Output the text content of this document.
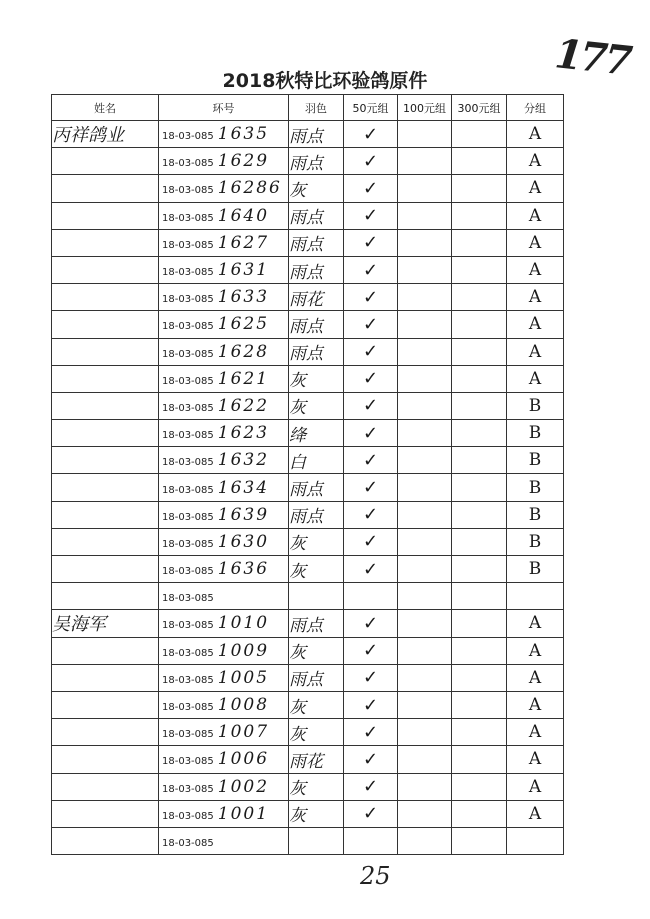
177
2018秋特比环验鸽原件
姓名	环号	羽色	50元组	100元组	300元组	分组
丙祥鸽业	18-03-085 1635	雨点	✓			A
	18-03-085 1629	雨点	✓			A
	18-03-085 16286	灰	✓			A
	18-03-085 1640	雨点	✓			A
	18-03-085 1627	雨点	✓			A
	18-03-085 1631	雨点	✓			A
	18-03-085 1633	雨花	✓			A
	18-03-085 1625	雨点	✓			A
	18-03-085 1628	雨点	✓			A
	18-03-085 1621	灰	✓			A
	18-03-085 1622	灰	✓			B
	18-03-085 1623	绛	✓			B
	18-03-085 1632	白	✓			B
	18-03-085 1634	雨点	✓			B
	18-03-085 1639	雨点	✓			B
	18-03-085 1630	灰	✓			B
	18-03-085 1636	灰	✓			B
	18-03-085					
吴海军	18-03-085 1010	雨点	✓			A
	18-03-085 1009	灰	✓			A
	18-03-085 1005	雨点	✓			A
	18-03-085 1008	灰	✓			A
	18-03-085 1007	灰	✓			A
	18-03-085 1006	雨花	✓			A
	18-03-085 1002	灰	✓			A
	18-03-085 1001	灰	✓			A
	18-03-085					
25
